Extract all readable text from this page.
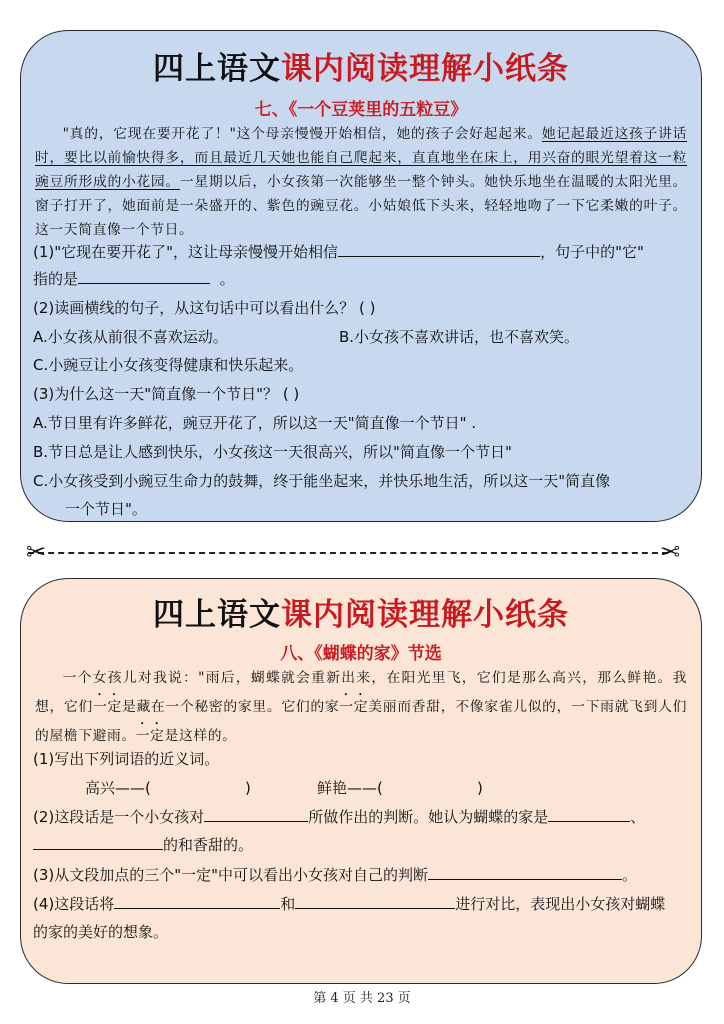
四上语文课内阅读理解小纸条
七、《一个豆荚里的五粒豆》
"真的，它现在要开花了！"这个母亲慢慢开始相信，她的孩子会好起起来。她记起最近这孩子讲话时，要比以前愉快得多，而且最近几天她也能自己爬起来，直直地坐在床上，用兴奋的眼光望着这一粒豌豆所形成的小花园。一星期以后，小女孩第一次能够坐一整个钟头。她快乐地坐在温暖的太阳光里。窗子打开了，她面前是一朵盛开的、紫色的豌豆花。小姑娘低下头来，轻轻地吻了一下它柔嫩的叶子。这一天简直像一个节日。
(1)"它现在要开花了"，这让母亲慢慢开始相信	，句子中的"它"
指的是	。
(2)读画横线的句子，从这句话中可以看出什么？ ( )
A.小女孩从前很不喜欢运动。	B.小女孩不喜欢讲话，也不喜欢笑。
C.小豌豆让小女孩变得健康和快乐起来。
(3)为什么这一天"简直像一个节日"？ ( )
A.节日里有许多鲜花，豌豆开花了，所以这一天"简直像一个节日" .
B.节日总是让人感到快乐，小女孩这一天很高兴，所以"简直像一个节日"
C.小女孩受到小豌豆生命力的鼓舞，终于能坐起来，并快乐地生活，所以这一天"简直像
一个节日"。
✂	✂
四上语文课内阅读理解小纸条
八、《蝴蝶的家》节选
一个女孩儿对我说："雨后，蝴蝶就会重新出来，在阳光里飞，它们是那么高兴，那么鲜艳。我想，它们一定是藏在一个秘密的家里。它们的家一定美丽而香甜，不像家雀儿似的，一下雨就飞到人们的屋檐下避雨。一定是这样的。
(1)写出下列词语的近义词。
高兴——(	)	鲜艳——(	)
(2)这段话是一个小女孩对	所做作出的判断。她认为蝴蝶的家是	、
的和香甜的。
(3)从文段加点的三个"一定"中可以看出小女孩对自己的判断	。
(4)这段话将	和	进行对比，表现出小女孩对蝴蝶
的家的美好的想象。
第 4 页 共 23 页
